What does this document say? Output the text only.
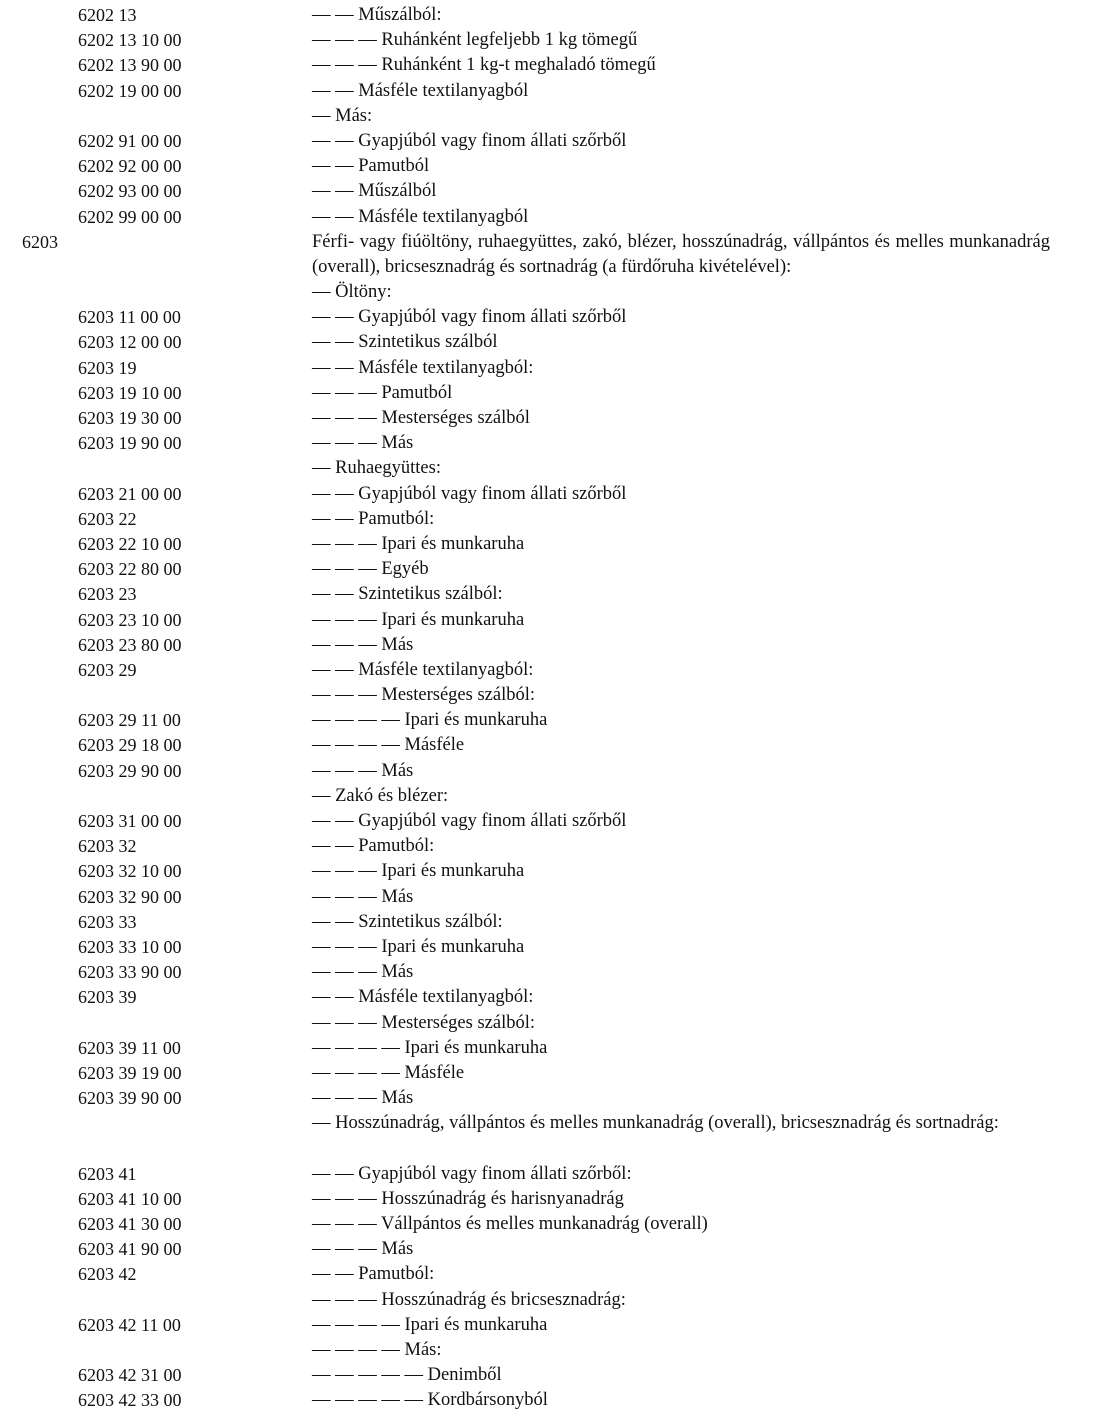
6202 13	— — Műszálból:
6202 13 10 00	— — — Ruhánként legfeljebb 1 kg tömegű
6202 13 90 00	— — — Ruhánként 1 kg-t meghaladó tömegű
6202 19 00 00	— — Másféle textilanyagból
— Más:
6202 91 00 00	— — Gyapjúból vagy finom állati szőrből
6202 92 00 00	— — Pamutból
6202 93 00 00	— — Műszálból
6202 99 00 00	— — Másféle textilanyagból
6203	Férfi- vagy fiúöltöny, ruhaegyüttes, zakó, blézer, hosszúnadrág, vállpántos és melles munkanadrág (overall), bricsesznadrág és sortnadrág (a fürdőruha kivételével):
— Öltöny:
6203 11 00 00	— — Gyapjúból vagy finom állati szőrből
6203 12 00 00	— — Szintetikus szálból
6203 19	— — Másféle textilanyagból:
6203 19 10 00	— — — Pamutból
6203 19 30 00	— — — Mesterséges szálból
6203 19 90 00	— — — Más
— Ruhaegyüttes:
6203 21 00 00	— — Gyapjúból vagy finom állati szőrből
6203 22	— — Pamutból:
6203 22 10 00	— — — Ipari és munkaruha
6203 22 80 00	— — — Egyéb
6203 23	— — Szintetikus szálból:
6203 23 10 00	— — — Ipari és munkaruha
6203 23 80 00	— — — Más
6203 29	— — Másféle textilanyagból:
— — — Mesterséges szálból:
6203 29 11 00	— — — — Ipari és munkaruha
6203 29 18 00	— — — — Másféle
6203 29 90 00	— — — Más
— Zakó és blézer:
6203 31 00 00	— — Gyapjúból vagy finom állati szőrből
6203 32	— — Pamutból:
6203 32 10 00	— — — Ipari és munkaruha
6203 32 90 00	— — — Más
6203 33	— — Szintetikus szálból:
6203 33 10 00	— — — Ipari és munkaruha
6203 33 90 00	— — — Más
6203 39	— — Másféle textilanyagból:
— — — Mesterséges szálból:
6203 39 11 00	— — — — Ipari és munkaruha
6203 39 19 00	— — — — Másféle
6203 39 90 00	— — — Más
— Hosszúnadrág, vállpántos és melles munkanadrág (overall), bricsesznadrág és sortnadrág:
6203 41	— — Gyapjúból vagy finom állati szőrből:
6203 41 10 00	— — — Hosszúnadrág és harisnyanadrág
6203 41 30 00	— — — Vállpántos és melles munkanadrág (overall)
6203 41 90 00	— — — Más
6203 42	— — Pamutból:
— — — Hosszúnadrág és bricsesznadrág:
6203 42 11 00	— — — — Ipari és munkaruha
— — — — Más:
6203 42 31 00	— — — — — Denimből
6203 42 33 00	— — — — — Kordbársonyból
